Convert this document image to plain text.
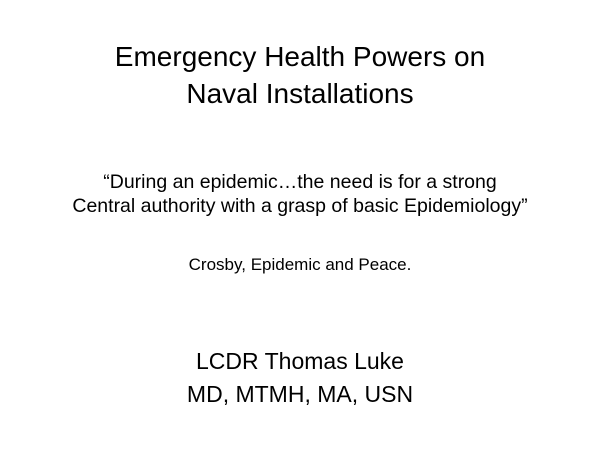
Emergency Health Powers on
Naval Installations
“During an epidemic…the need is for a strong
Central authority with a grasp of basic Epidemiology”
Crosby, Epidemic and Peace.
LCDR Thomas Luke
MD, MTMH, MA, USN
